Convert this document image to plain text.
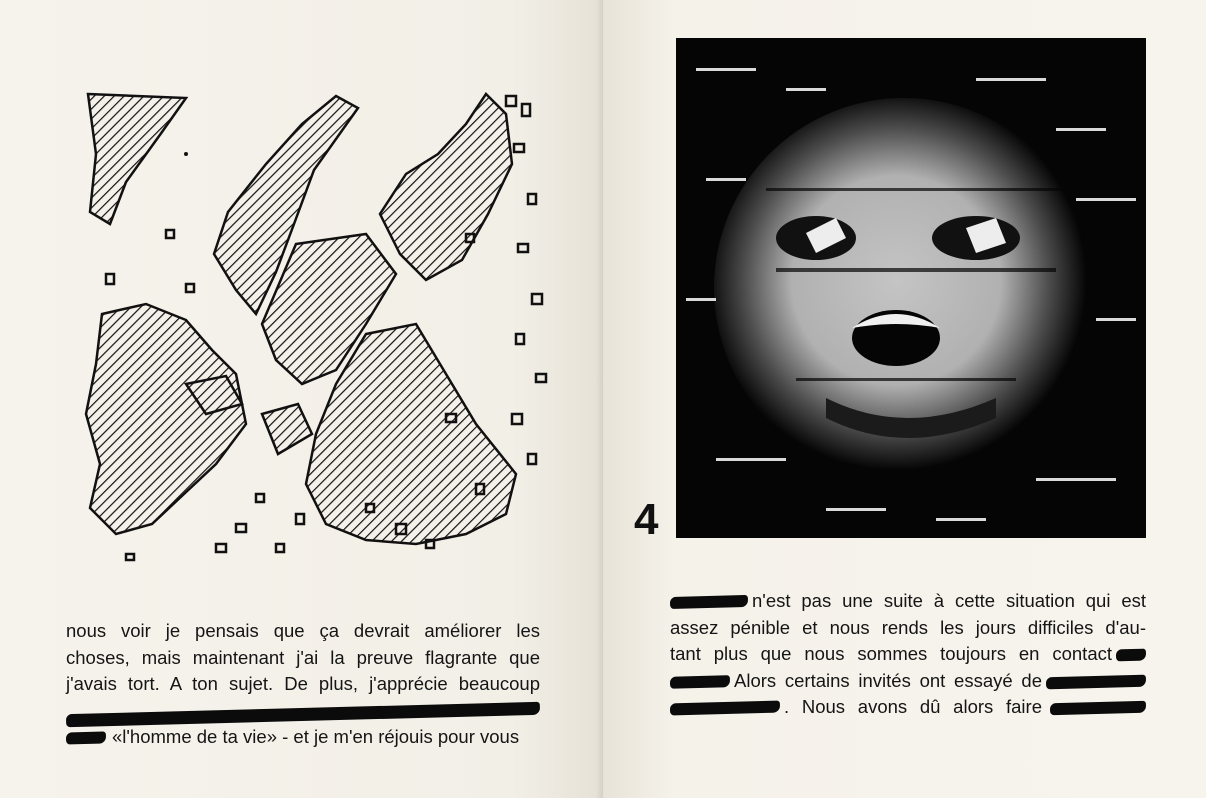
nous voir je pensais que ça devrait améliorer les
choses, mais maintenant j'ai la preuve flagrante que
j'avais tort. A ton sujet. De plus, j'apprécie beaucoup
«l'homme de ta vie» - et je m'en réjouis pour vous
4
n'est pas une suite à cette situation qui est
assez pénible et nous rends les jours difficiles d'au-
tant plus que nous sommes toujours en contact
Alors certains invités ont essayé de
. Nous avons dû alors faire
